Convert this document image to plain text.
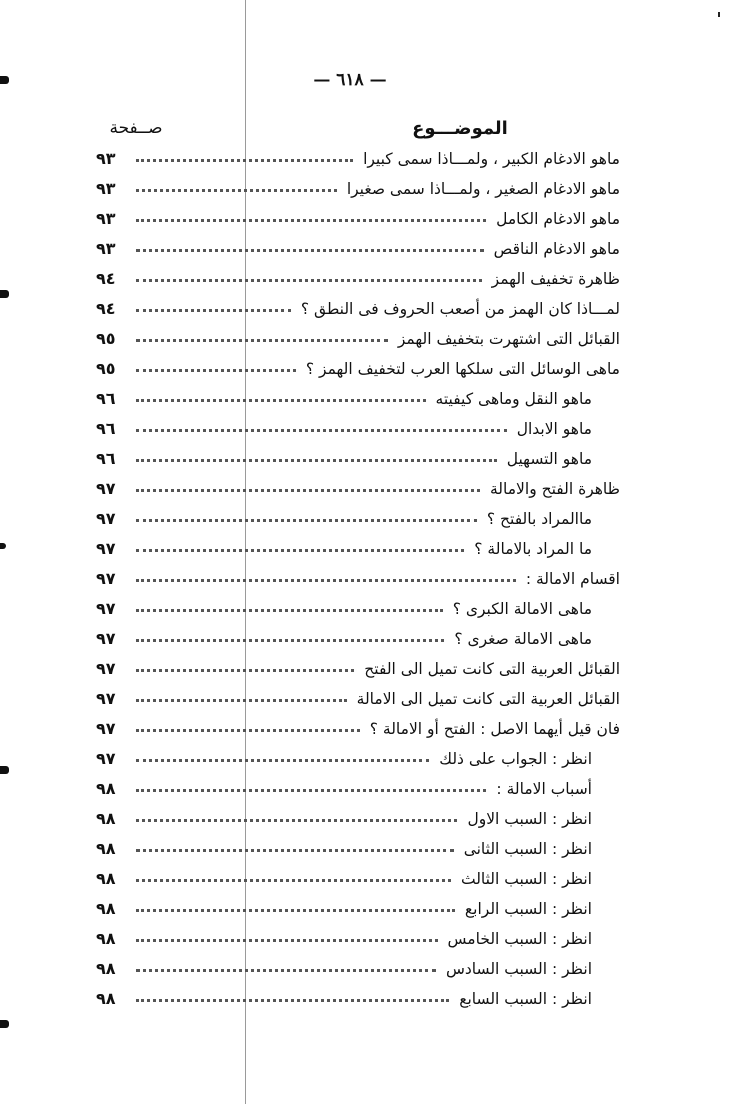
— ٦١٨ —
صــفحة	الموضـــوع
٩٣	ماهو الادغام الكبير ، ولمـــاذا سمى كبيرا
٩٣	ماهو الادغام الصغير ، ولمـــاذا سمى صغيرا
٩٣	ماهو الادغام الكامل
٩٣	ماهو الادغام الناقص
٩٤	ظاهرة تخفيف الهمز
٩٤	لمـــاذا كان الهمز من أصعب الحروف فى النطق ؟
٩٥	القبائل التى اشتهرت بتخفيف الهمز
٩٥	ماهى الوسائل التى سلكها العرب لتخفيف الهمز ؟
٩٦	ماهو النقل وماهى كيفيته
٩٦	ماهو الابدال
٩٦	ماهو التسهيل
٩٧	ظاهرة الفتح والامالة
٩٧	ماالمراد بالفتح ؟
٩٧	ما المراد بالامالة ؟
٩٧	اقسام الامالة :
٩٧	ماهى الامالة الكبرى ؟
٩٧	ماهى الامالة صغرى ؟
٩٧	القبائل العربية التى كانت تميل الى الفتح
٩٧	القبائل العربية التى كانت تميل الى الامالة
٩٧	فان قيل أيهما الاصل : الفتح أو الامالة ؟
٩٧	انظر : الجواب على ذلك
٩٨	أسباب الامالة :
٩٨	انظر : السبب الاول
٩٨	انظر : السبب الثانى
٩٨	انظر : السبب الثالث
٩٨	انظر : السبب الرابع
٩٨	انظر : السبب الخامس
٩٨	انظر : السبب السادس
٩٨	انظر : السبب السابع
